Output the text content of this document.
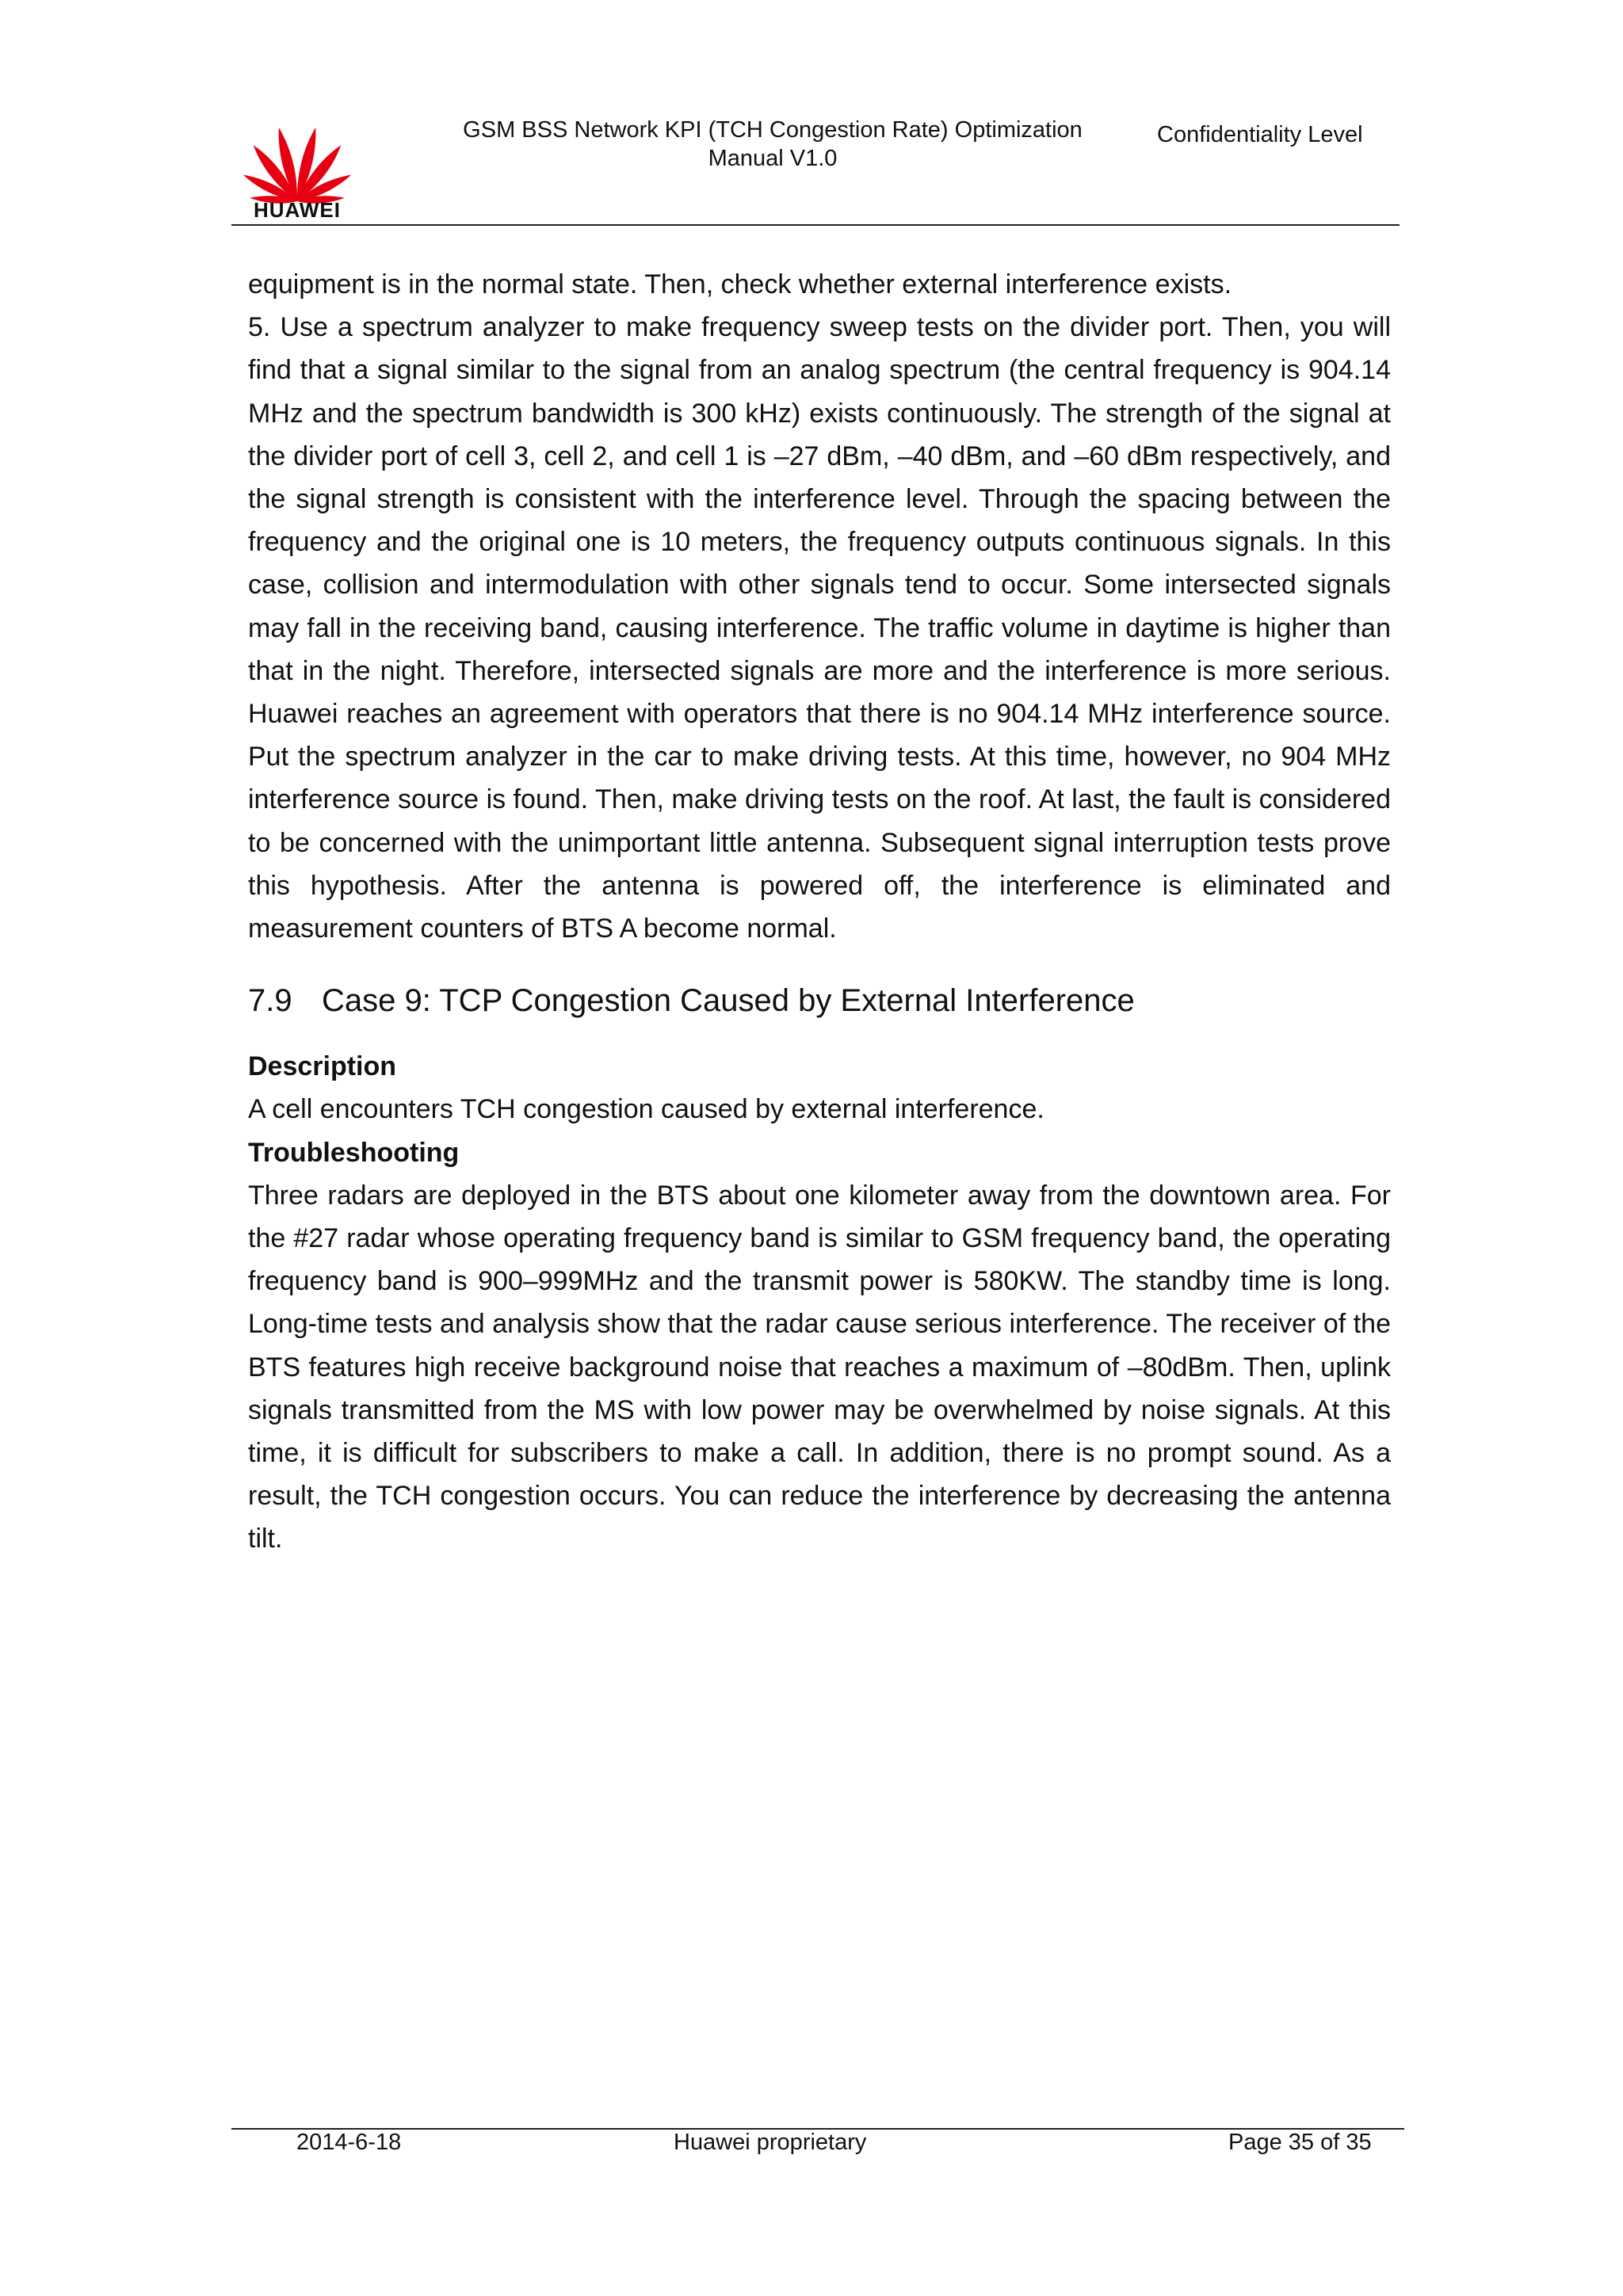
HUAWEI
GSM BSS Network KPI (TCH Congestion Rate) Optimization
Manual V1.0
Confidentiality Level

equipment is in the normal state. Then, check whether external interference exists.

5. Use a spectrum analyzer to make frequency sweep tests on the divider port. Then, you will find that a signal similar to the signal from an analog spectrum (the central frequency is 904.14 MHz and the spectrum bandwidth is 300 kHz) exists continuously. The strength of the signal at the divider port of cell 3, cell 2, and cell 1 is –27 dBm, –40 dBm, and –60 dBm respectively, and the signal strength is consistent with the interference level. Through the spacing between the frequency and the original one is 10 meters, the frequency outputs continuous signals. In this case, collision and intermodulation with other signals tend to occur. Some intersected signals may fall in the receiving band, causing interference. The traffic volume in daytime is higher than that in the night. Therefore, intersected signals are more and the interference is more serious. Huawei reaches an agreement with operators that there is no 904.14 MHz interference source. Put the spectrum analyzer in the car to make driving tests. At this time, however, no 904 MHz interference source is found. Then, make driving tests on the roof. At last, the fault is considered to be concerned with the unimportant little antenna. Subsequent signal interruption tests prove this hypothesis. After the antenna is powered off, the interference is eliminated and measurement counters of BTS A become normal.

7.9 Case 9: TCP Congestion Caused by External Interference

Description

A cell encounters TCH congestion caused by external interference.

Troubleshooting

Three radars are deployed in the BTS about one kilometer away from the downtown area. For the #27 radar whose operating frequency band is similar to GSM frequency band, the operating frequency band is 900–999MHz and the transmit power is 580KW. The standby time is long. Long-time tests and analysis show that the radar cause serious interference. The receiver of the BTS features high receive background noise that reaches a maximum of –80dBm. Then, uplink signals transmitted from the MS with low power may be overwhelmed by noise signals. At this time, it is difficult for subscribers to make a call. In addition, there is no prompt sound. As a result, the TCH congestion occurs. You can reduce the interference by decreasing the antenna tilt.

2014-6-18	Huawei proprietary	Page 35 of 35
